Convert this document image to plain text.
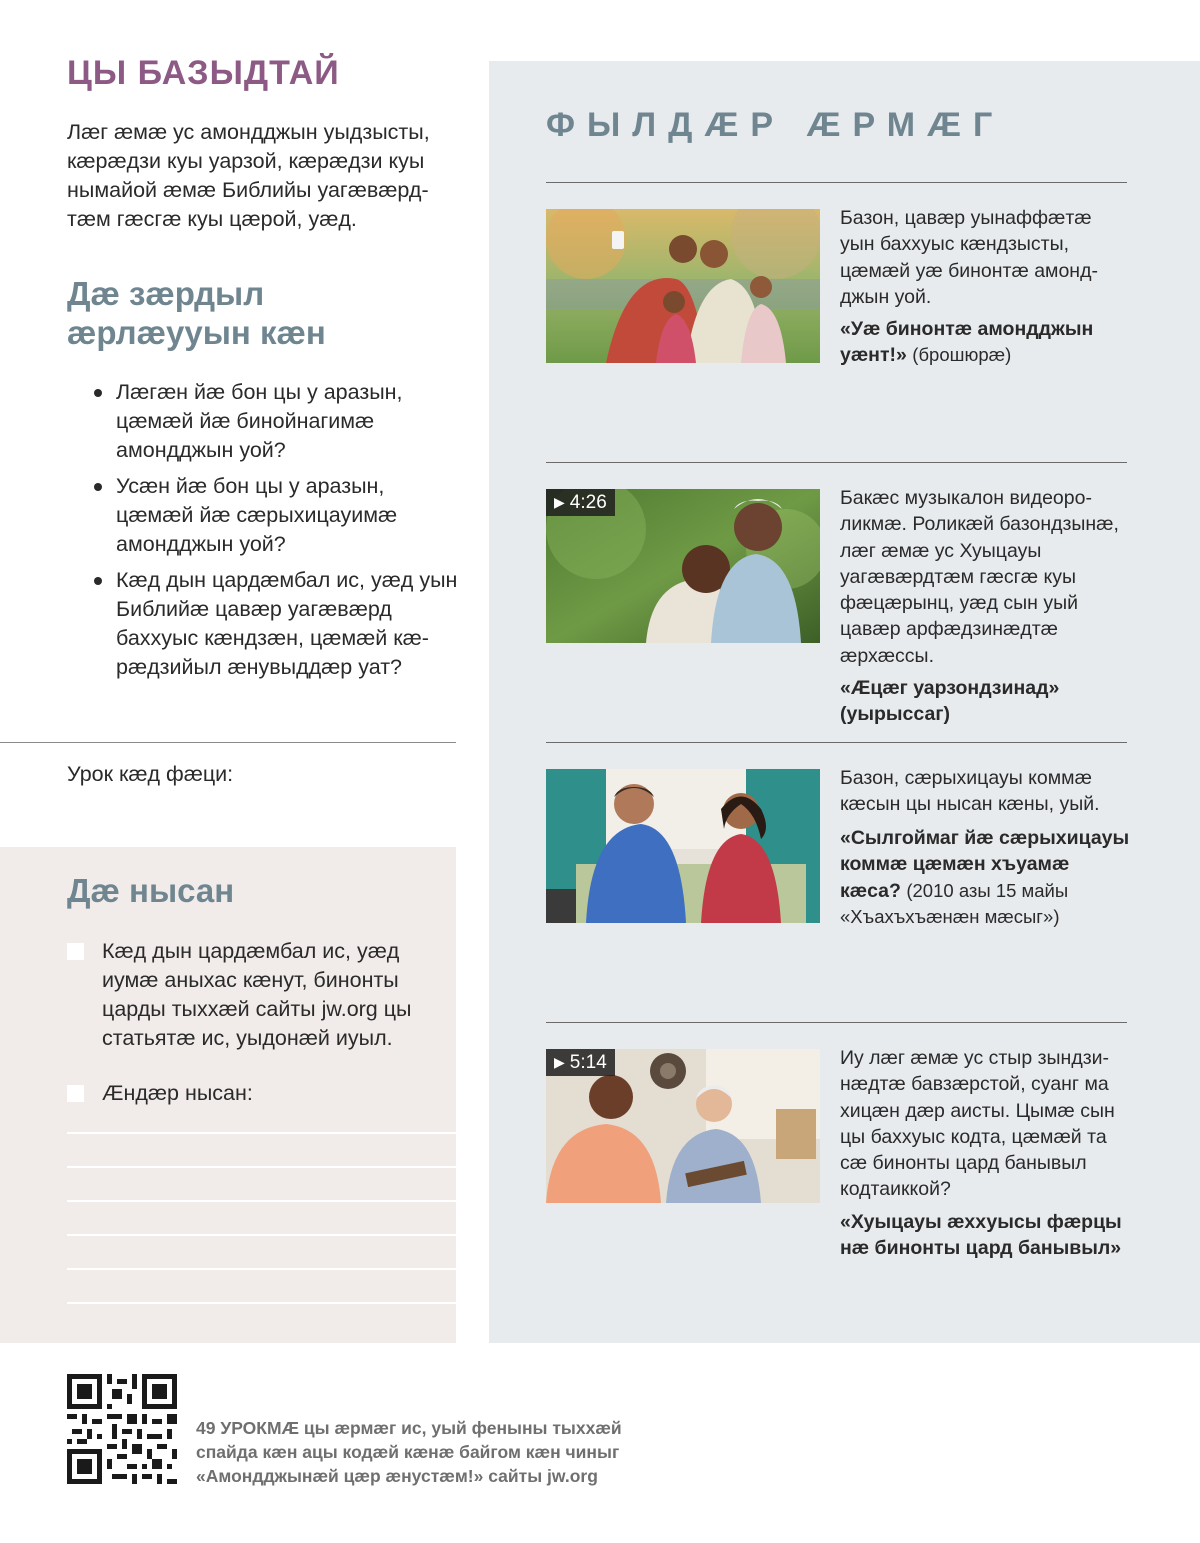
ЦЫ БАЗЫДТАЙ

Лæг æмæ ус амондджын уыдзысты, кæрæдзи куы уарзой, кæрæдзи куы нымайой æмæ Библийы уагæвæрдтæм гæсгæ куы цæрой, уæд.

Дæ зæрдыл æрлæууын кæн
Лæгæн йæ бон цы у аразын, цæмæй йæ бинойнагимæ амондджын уой?
Усæн йæ бон цы у аразын, цæмæй йæ сæрыхицауимæ амондджын уой?
Кæд дын цардæмбал ис, уæд уын Библийæ цавæр уагæвæрд баххуыс кæндзæн, цæмæй кæрæдзийыл æнувыддæр уат?
Урок кæд фæци:
Дæ нысан
Кæд дын цардæмбал ис, уæд иумæ аныхас кæнут, бинонты царды тыххæй сайты jw.org цы статьятæ ис, уыдонæй иуыл.
Æндæр нысан:
ФЫЛДÆР ÆРМÆГ

Базон, цавæр уынаффæтæ уын баххуыс кæндзысты, цæмæй уæ бинонтæ амондджын уой.

«Уæ бинонтæ амондджын уæнт!» (брошюрæ)

▶ 4:26	Бакæс музыкалон видеороликмæ. Роликæй базондзынæ, лæг æмæ ус Хуыцауы уагæвæрдтæм гæсгæ куы фæцæрынц, уæд сын уый цавæр арфæдзинæдтæ æрхæссы.

«Æцæг уарзондзинад»
(уырыссаг)

Базон, сæрыхицауы коммæ кæсын цы нысан кæны, уый.

«Сылгоймаг йæ сæрыхицауы коммæ цæмæн хъуамæ кæса? (2010 азы 15 майы «Хъахъхъæнæн мæсыг»)

▶ 5:14	Иу лæг æмæ ус стыр зындзинæдтæ бавзæрстой, суанг ма хицæн дæр аисты. Цымæ сын цы баххуыс кодта, цæмæй та сæ бинонты цард банывыл кодтаиккой?

«Хуыцауы æххуысы фæрцы нæ бинонты цард банывыл»

49 УРОКМÆ цы æрмæг ис, уый феныны тыххæй
спайда кæн ацы кодæй кæнæ байгом кæн чиныг
«Амондджынæй цæр æнустæм!» сайты jw.org
